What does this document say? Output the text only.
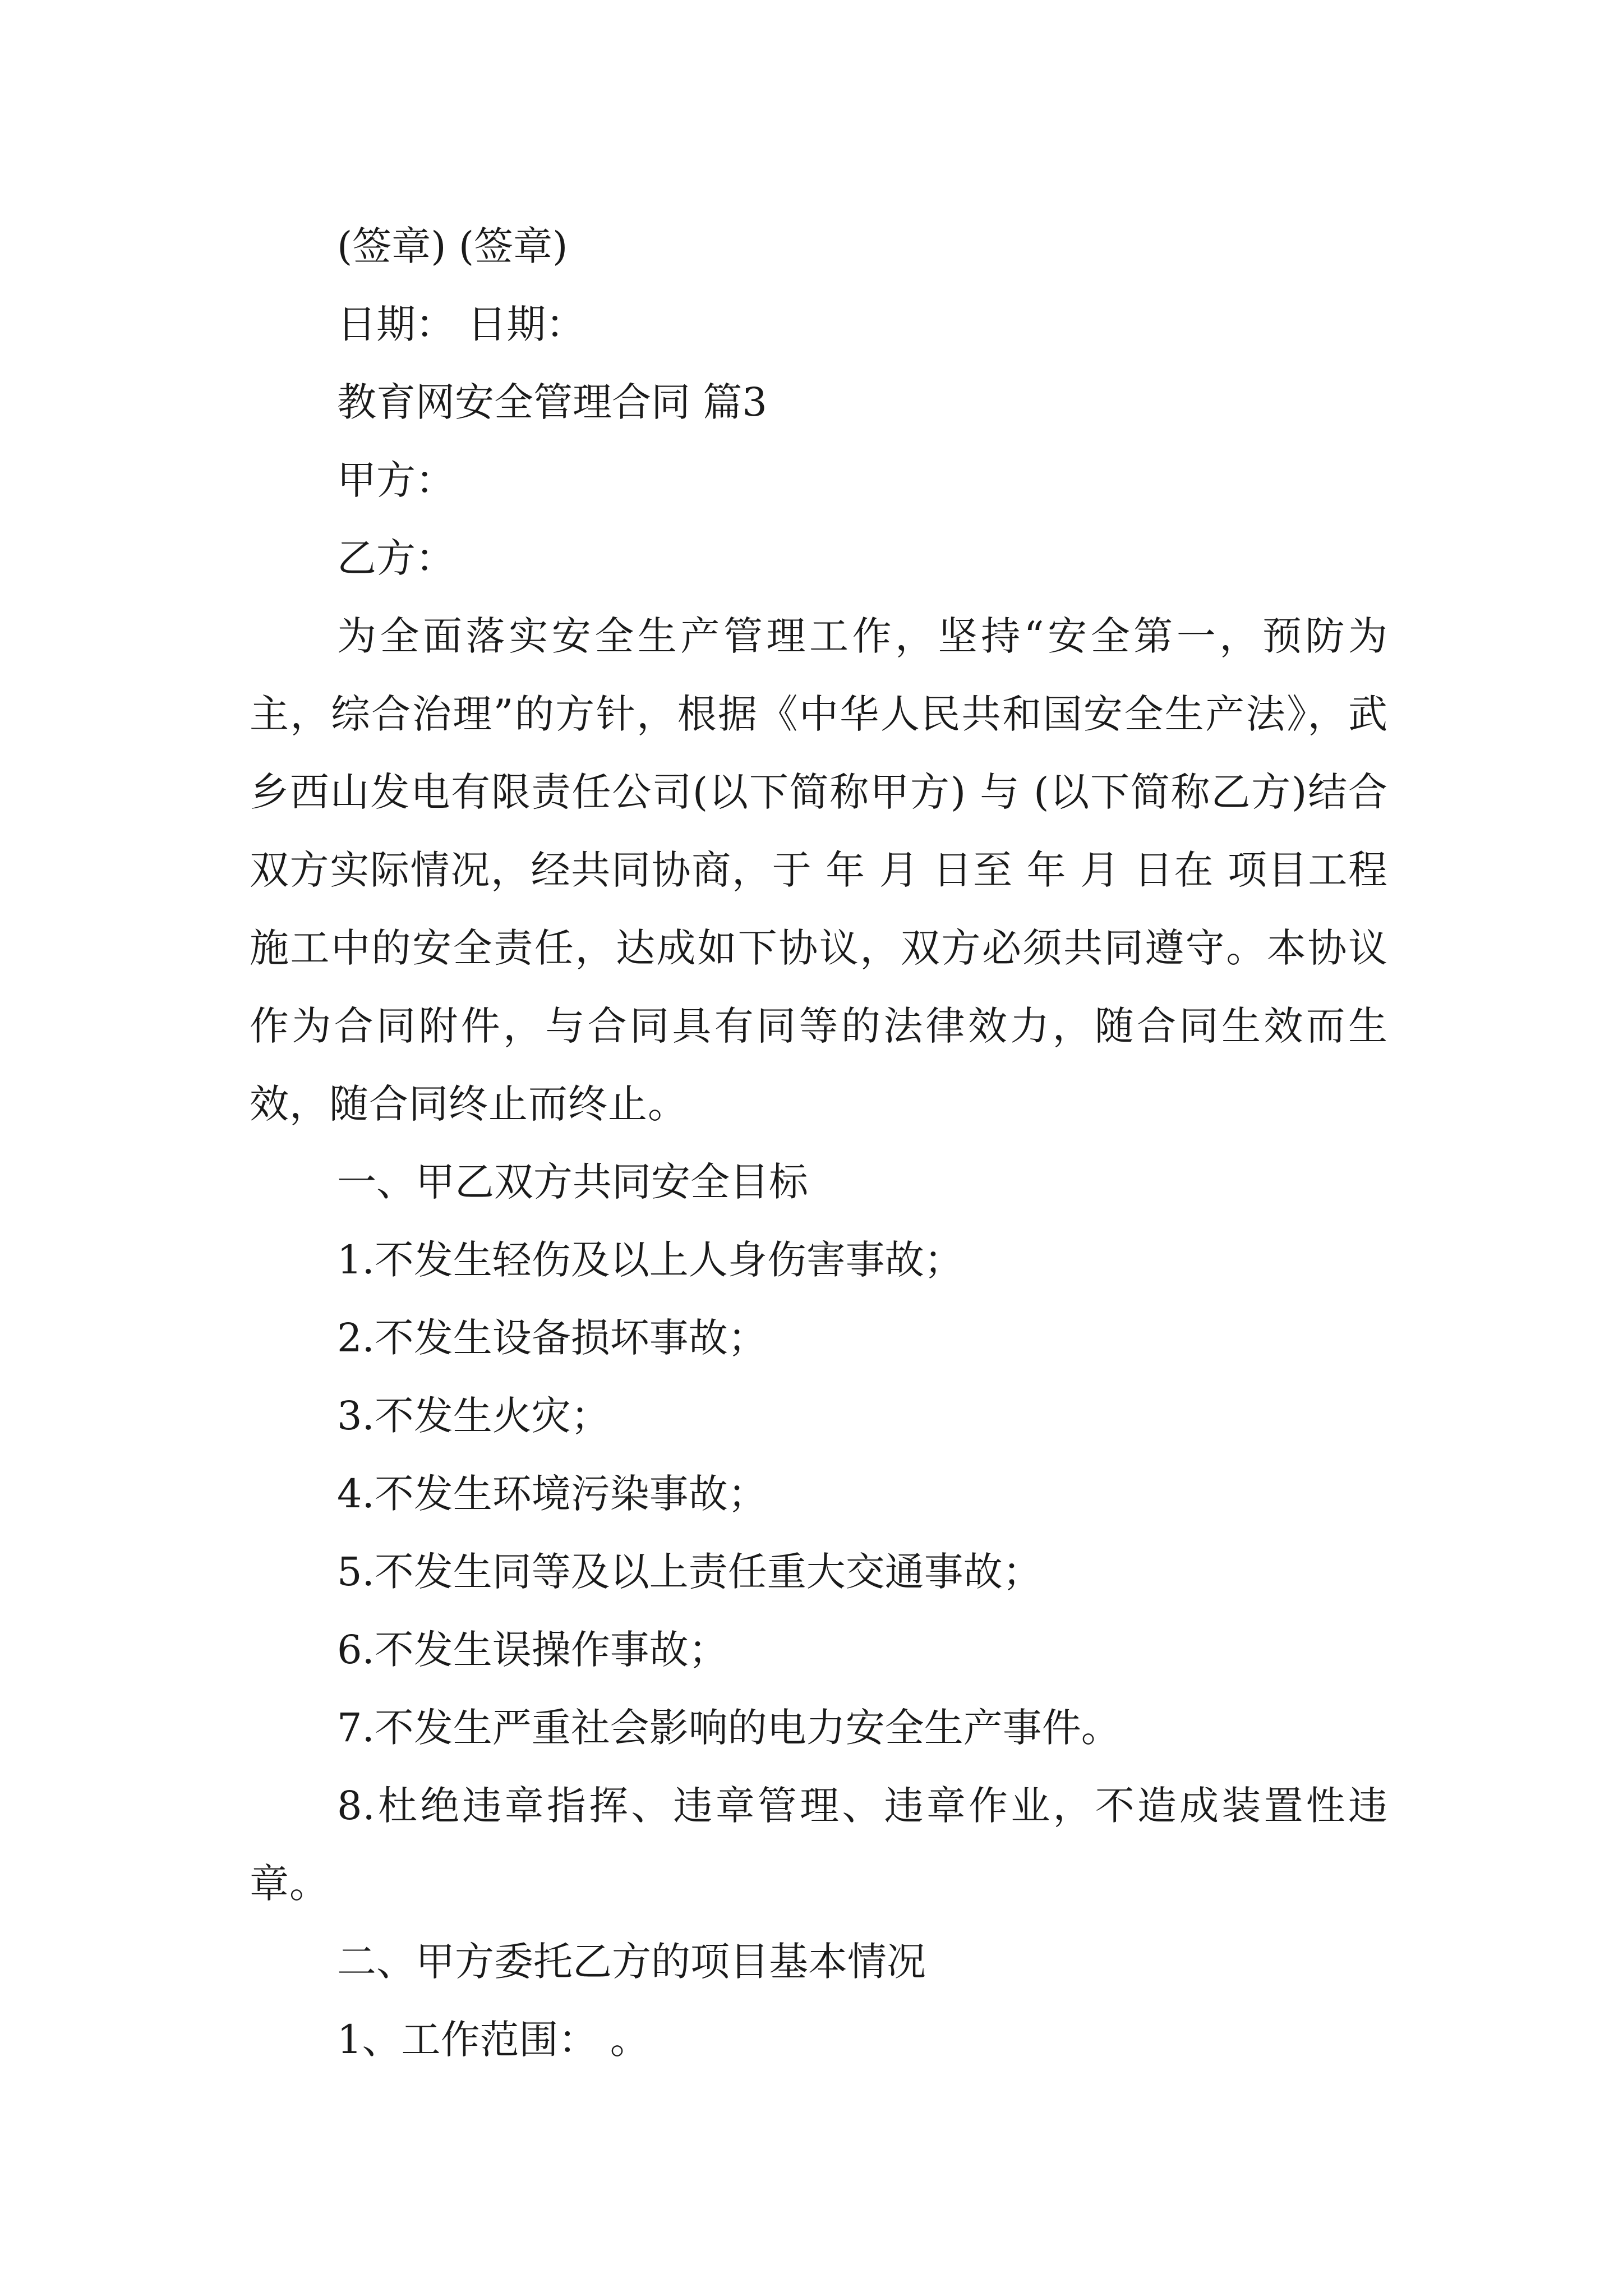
(签章) (签章)

日期： 日期：

教育网安全管理合同 篇3

甲方：

乙方：

为全面落实安全生产管理工作，坚持“安全第一，预防为主，综合治理”的方针，根据《中华人民共和国安全生产法》，武乡西山发电有限责任公司(以下简称甲方) 与 (以下简称乙方)结合双方实际情况，经共同协商，于 年 月 日至 年 月 日在 项目工程施工中的安全责任，达成如下协议，双方必须共同遵守。本协议作为合同附件，与合同具有同等的法律效力，随合同生效而生效，随合同终止而终止。

一、甲乙双方共同安全目标

1.不发生轻伤及以上人身伤害事故；

2.不发生设备损坏事故；

3.不发生火灾；

4.不发生环境污染事故；

5.不发生同等及以上责任重大交通事故；

6.不发生误操作事故；

7.不发生严重社会影响的电力安全生产事件。

8.杜绝违章指挥、违章管理、违章作业，不造成装置性违章。

二、甲方委托乙方的项目基本情况

1、工作范围： 。
